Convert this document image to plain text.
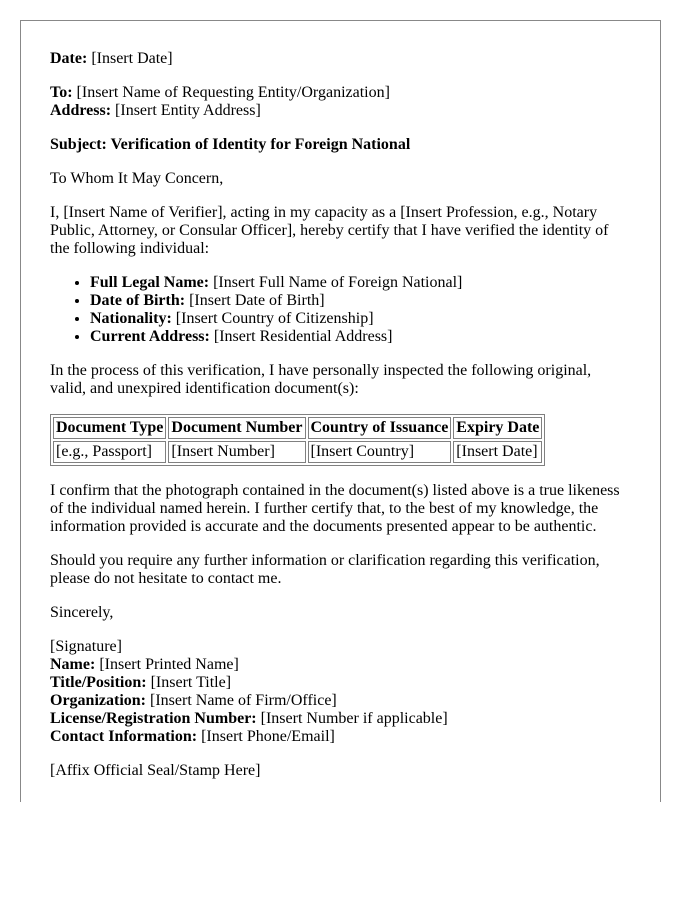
Date: [Insert Date]

To: [Insert Name of Requesting Entity/Organization]
Address: [Insert Entity Address]

Subject: Verification of Identity for Foreign National

To Whom It May Concern,

I, [Insert Name of Verifier], acting in my capacity as a [Insert Profession, e.g., Notary Public, Attorney, or Consular Officer], hereby certify that I have verified the identity of the following individual:

• Full Legal Name: [Insert Full Name of Foreign National]
• Date of Birth: [Insert Date of Birth]
• Nationality: [Insert Country of Citizenship]
• Current Address: [Insert Residential Address]

In the process of this verification, I have personally inspected the following original, valid, and unexpired identification document(s):

Document Type	Document Number	Country of Issuance	Expiry Date
[e.g., Passport]	[Insert Number]	[Insert Country]	[Insert Date]

I confirm that the photograph contained in the document(s) listed above is a true likeness of the individual named herein. I further certify that, to the best of my knowledge, the information provided is accurate and the documents presented appear to be authentic.

Should you require any further information or clarification regarding this verification, please do not hesitate to contact me.

Sincerely,

[Signature]

Name: [Insert Printed Name]

Title/Position: [Insert Title]

Organization: [Insert Name of Firm/Office]

License/Registration Number: [Insert Number if applicable]

Contact Information: [Insert Phone/Email]

[Affix Official Seal/Stamp Here]
